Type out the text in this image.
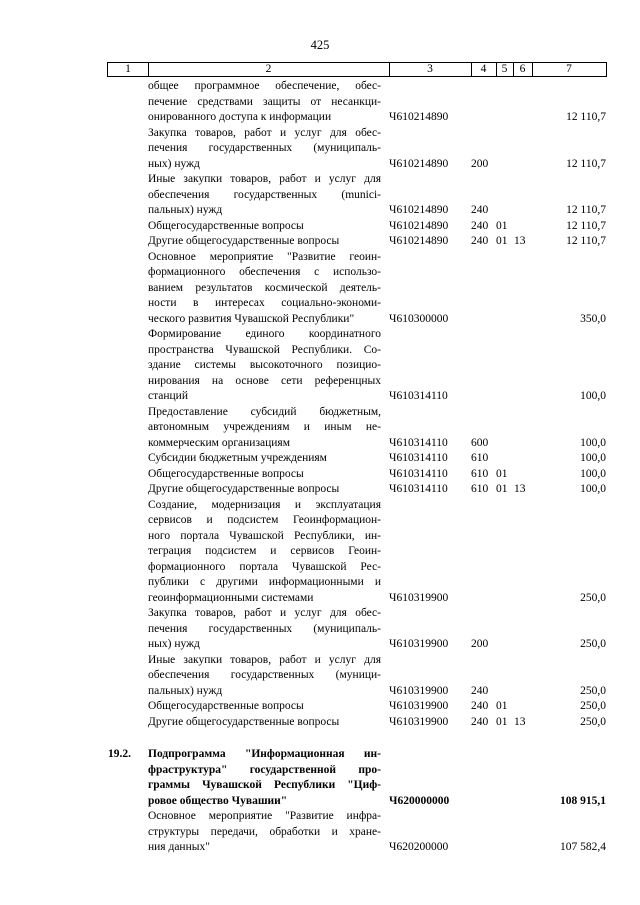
425
1	2	3	4	5	6	7
общее программное обеспечение, обес-
печение средствами защиты от несанкци-
онированного доступа к информации	Ч610214890	12 110,7
Закупка товаров, работ и услуг для обес-
печения государственных (муниципаль-
ных) нужд	Ч610214890	200	12 110,7
Иные закупки товаров, работ и услуг для
обеспечения государственных (munici-
пальных) нужд	Ч610214890	240	12 110,7
Общегосударственные вопросы	Ч610214890	240 01	12 110,7
Другие общегосударственные вопросы	Ч610214890	240 01 13	12 110,7
Основное мероприятие "Развитие геоин-
формационного обеспечения с использо-
ванием результатов космической деятель-
ности в интересах социально-экономи-
ческого развития Чувашской Республики"	Ч610300000	350,0
Формирование единого координатного
пространства Чувашской Республики. Со-
здание системы высокоточного позицио-
нирования на основе сети референцных
станций	Ч610314110	100,0
Предоставление субсидий бюджетным,
автономным учреждениям и иным не-
коммерческим организациям	Ч610314110	600	100,0
Субсидии бюджетным учреждениям	Ч610314110	610	100,0
Общегосударственные вопросы	Ч610314110	610 01	100,0
Другие общегосударственные вопросы	Ч610314110	610 01 13	100,0
Создание, модернизация и эксплуатация
сервисов и подсистем Геоинформацион-
ного портала Чувашской Республики, ин-
теграция подсистем и сервисов Геоин-
формационного портала Чувашской Рес-
публики с другими информационными и
геоинформационными системами	Ч610319900	250,0
Закупка товаров, работ и услуг для обес-
печения государственных (муниципаль-
ных) нужд	Ч610319900	200	250,0
Иные закупки товаров, работ и услуг для
обеспечения государственных (муници-
пальных) нужд	Ч610319900	240	250,0
Общегосударственные вопросы	Ч610319900	240 01	250,0
Другие общегосударственные вопросы	Ч610319900	240 01 13	250,0
19.2.	Подпрограмма "Информационная ин-
фраструктура" государственной про-
граммы Чувашской Республики "Циф-
ровое общество Чувашии"	Ч620000000	108 915,1
Основное мероприятие "Развитие инфра-
структуры передачи, обработки и хране-
ния данных"	Ч620200000	107 582,4
